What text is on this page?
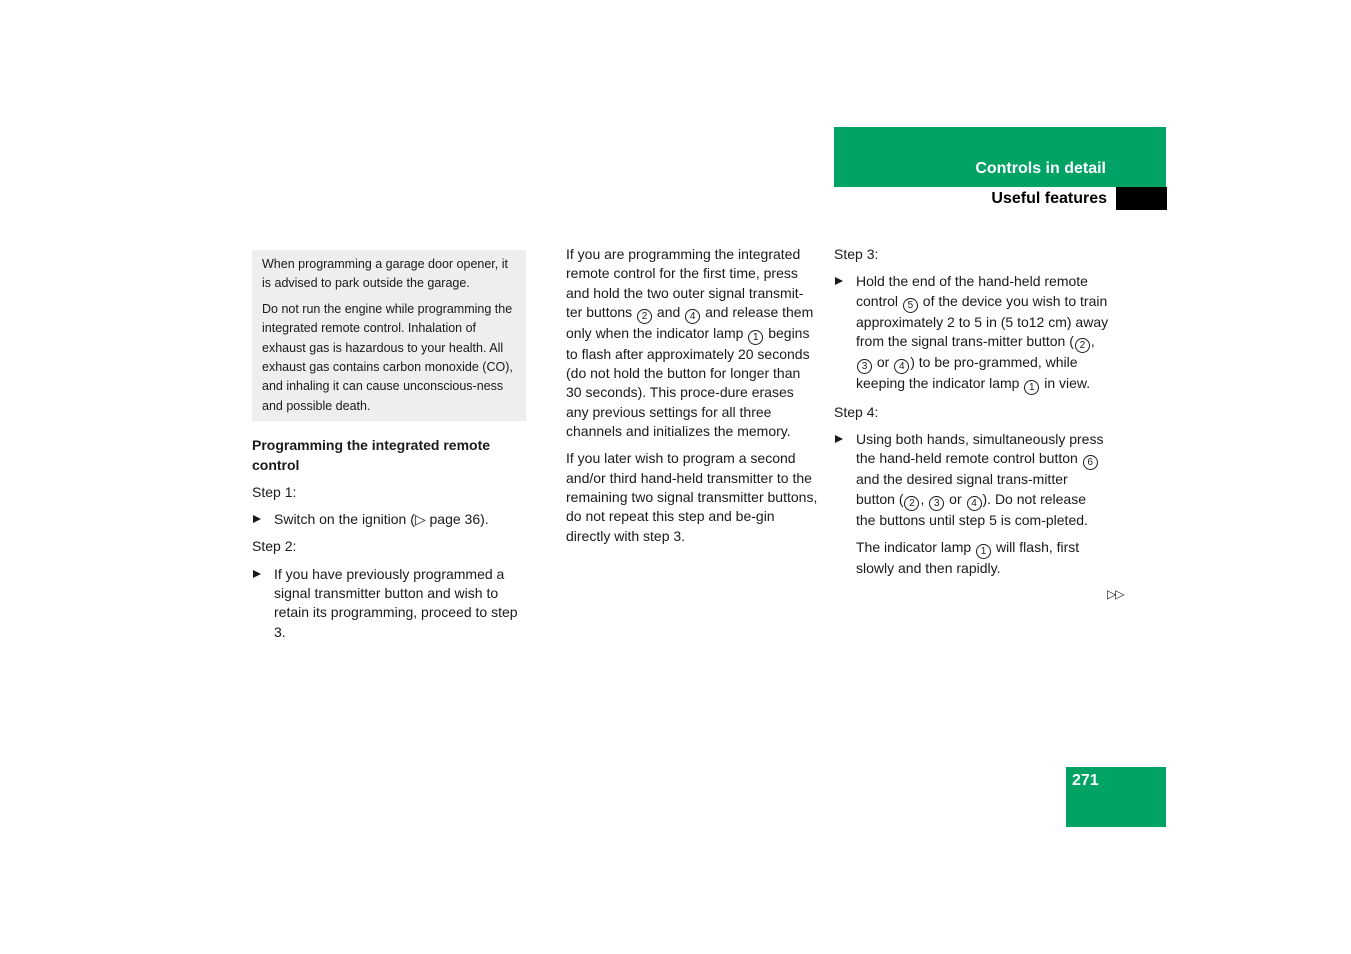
Controls in detail
Useful features

When programming a garage door opener, it is advised to park outside the garage.

Do not run the engine while programming the integrated remote control. Inhalation of exhaust gas is hazardous to your health. All exhaust gas contains carbon monoxide (CO), and inhaling it can cause unconscious-ness and possible death.

Programming the integrated remote control

Step 1:

Switch on the ignition (▷ page 36).

Step 2:

If you have previously programmed a signal transmitter button and wish to retain its programming, proceed to step 3.

If you are programming the integrated remote control for the first time, press and hold the two outer signal transmit-ter buttons 2 and 4 and release them only when the indicator lamp 1 begins to flash after approximately 20 seconds (do not hold the button for longer than 30 seconds). This proce-dure erases any previous settings for all three channels and initializes the memory.

If you later wish to program a second and/or third hand-held transmitter to the remaining two signal transmitter buttons, do not repeat this step and be-gin directly with step 3.

Step 3:

Hold the end of the hand-held remote control 5 of the device you wish to train approximately 2 to 5 in (5 to12 cm) away from the signal trans-mitter button ( 2 , 3 or 4 ) to be pro-grammed, while keeping the indicator lamp 1 in view.

Step 4:

Using both hands, simultaneously press the hand-held remote control button 6 and the desired signal trans-mitter button ( 2 , 3 or 4 ). Do not release the buttons until step 5 is com-pleted.

The indicator lamp 1 will flash, first slowly and then rapidly.

▷▷
271
